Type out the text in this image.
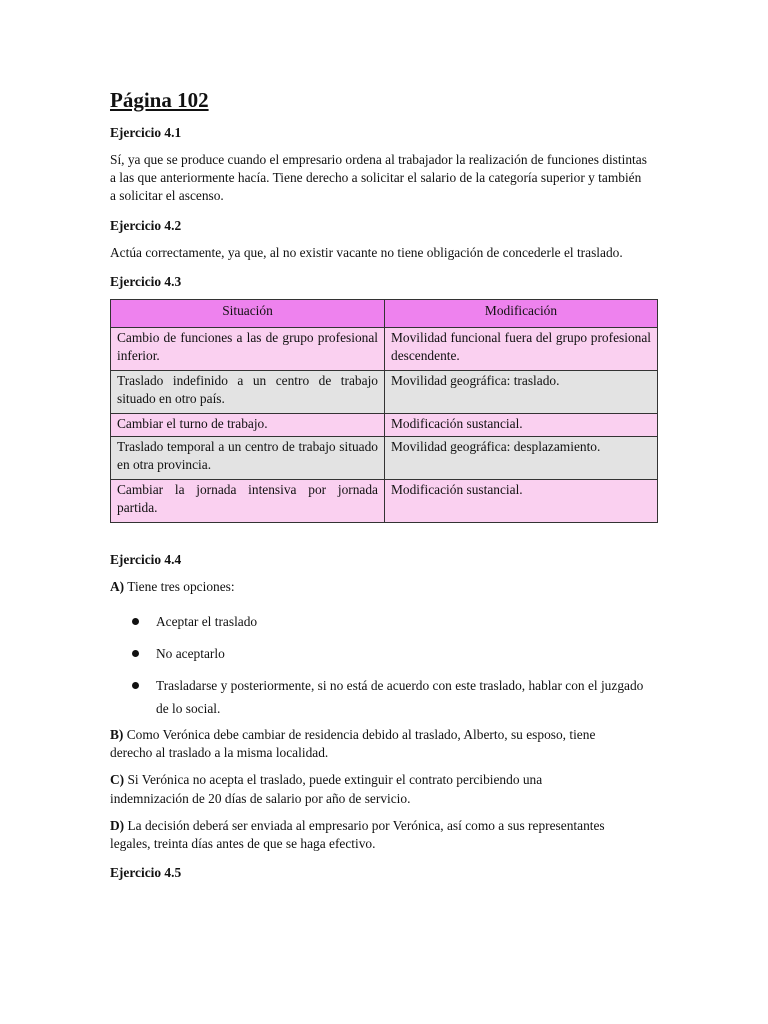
Página 102
Ejercicio 4.1

Sí, ya que se produce cuando el empresario ordena al trabajador la realización de funciones distintas a las que anteriormente hacía. Tiene derecho a solicitar el salario de la categoría superior y también a solicitar el ascenso.

Ejercicio 4.2

Actúa correctamente, ya que, al no existir vacante no tiene obligación de concederle el traslado.

Ejercicio 4.3
Situación	Modificación
Cambio de funciones a las de grupo profesional inferior.	Movilidad funcional fuera del grupo profesional descendente.
Traslado indefinido a un centro de trabajo situado en otro país.	Movilidad geográfica: traslado.
Cambiar el turno de trabajo.	Modificación sustancial.
Traslado temporal a un centro de trabajo situado en otra provincia.	Movilidad geográfica: desplazamiento.
Cambiar la jornada intensiva por jornada partida.	Modificación sustancial.
Ejercicio 4.4

A) Tiene tres opciones:

Aceptar el traslado
No aceptarlo
Trasladarse y posteriormente, si no está de acuerdo con este traslado, hablar con el juzgado de lo social.

B) Como Verónica debe cambiar de residencia debido al traslado, Alberto, su esposo, tiene derecho al traslado a la misma localidad.

C) Si Verónica no acepta el traslado, puede extinguir el contrato percibiendo una indemnización de 20 días de salario por año de servicio.

D) La decisión deberá ser enviada al empresario por Verónica, así como a sus representantes legales, treinta días antes de que se haga efectivo.

Ejercicio 4.5
